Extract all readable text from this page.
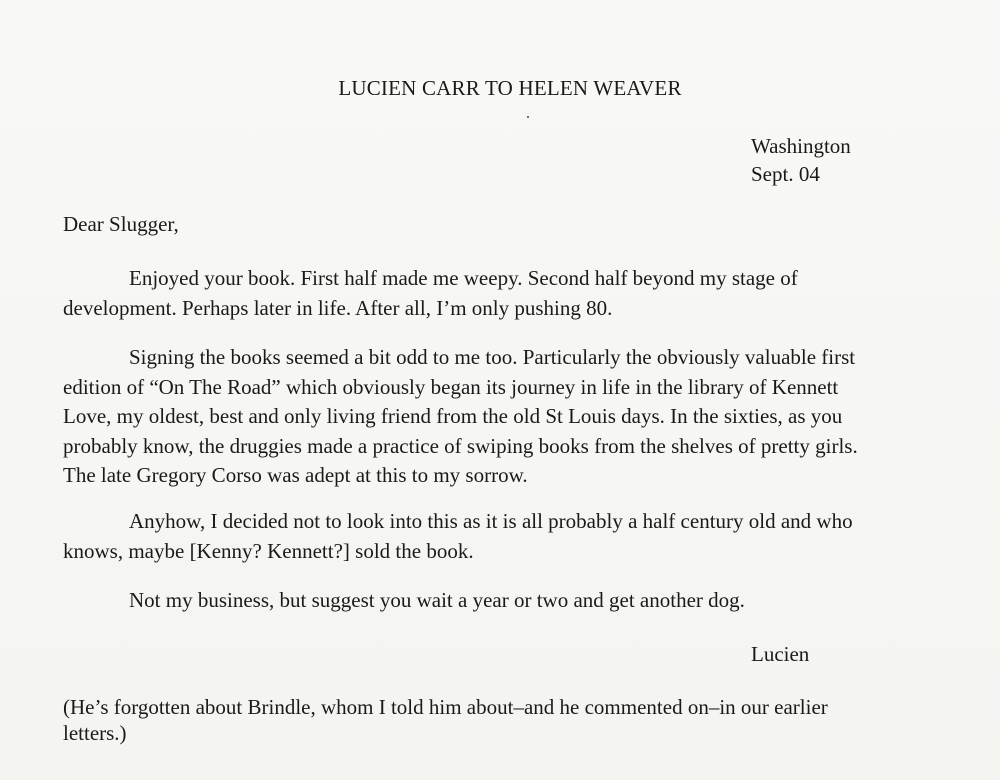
LUCIEN CARR TO HELEN WEAVER
Washington
Sept. 04
Dear Slugger,

Enjoyed your book. First half made me weepy. Second half beyond my stage of
development. Perhaps later in life. After all, I’m only pushing 80.

Signing the books seemed a bit odd to me too. Particularly the obviously valuable first
edition of “On The Road” which obviously began its journey in life in the library of Kennett
Love, my oldest, best and only living friend from the old St Louis days. In the sixties, as you
probably know, the druggies made a practice of swiping books from the shelves of pretty girls.
The late Gregory Corso was adept at this to my sorrow.

Anyhow, I decided not to look into this as it is all probably a half century old and who
knows, maybe [Kenny? Kennett?] sold the book.

Not my business, but suggest you wait a year or two and get another dog.

Lucien
(He’s forgotten about Brindle, whom I told him about–and he commented on–in our earlier
letters.)
